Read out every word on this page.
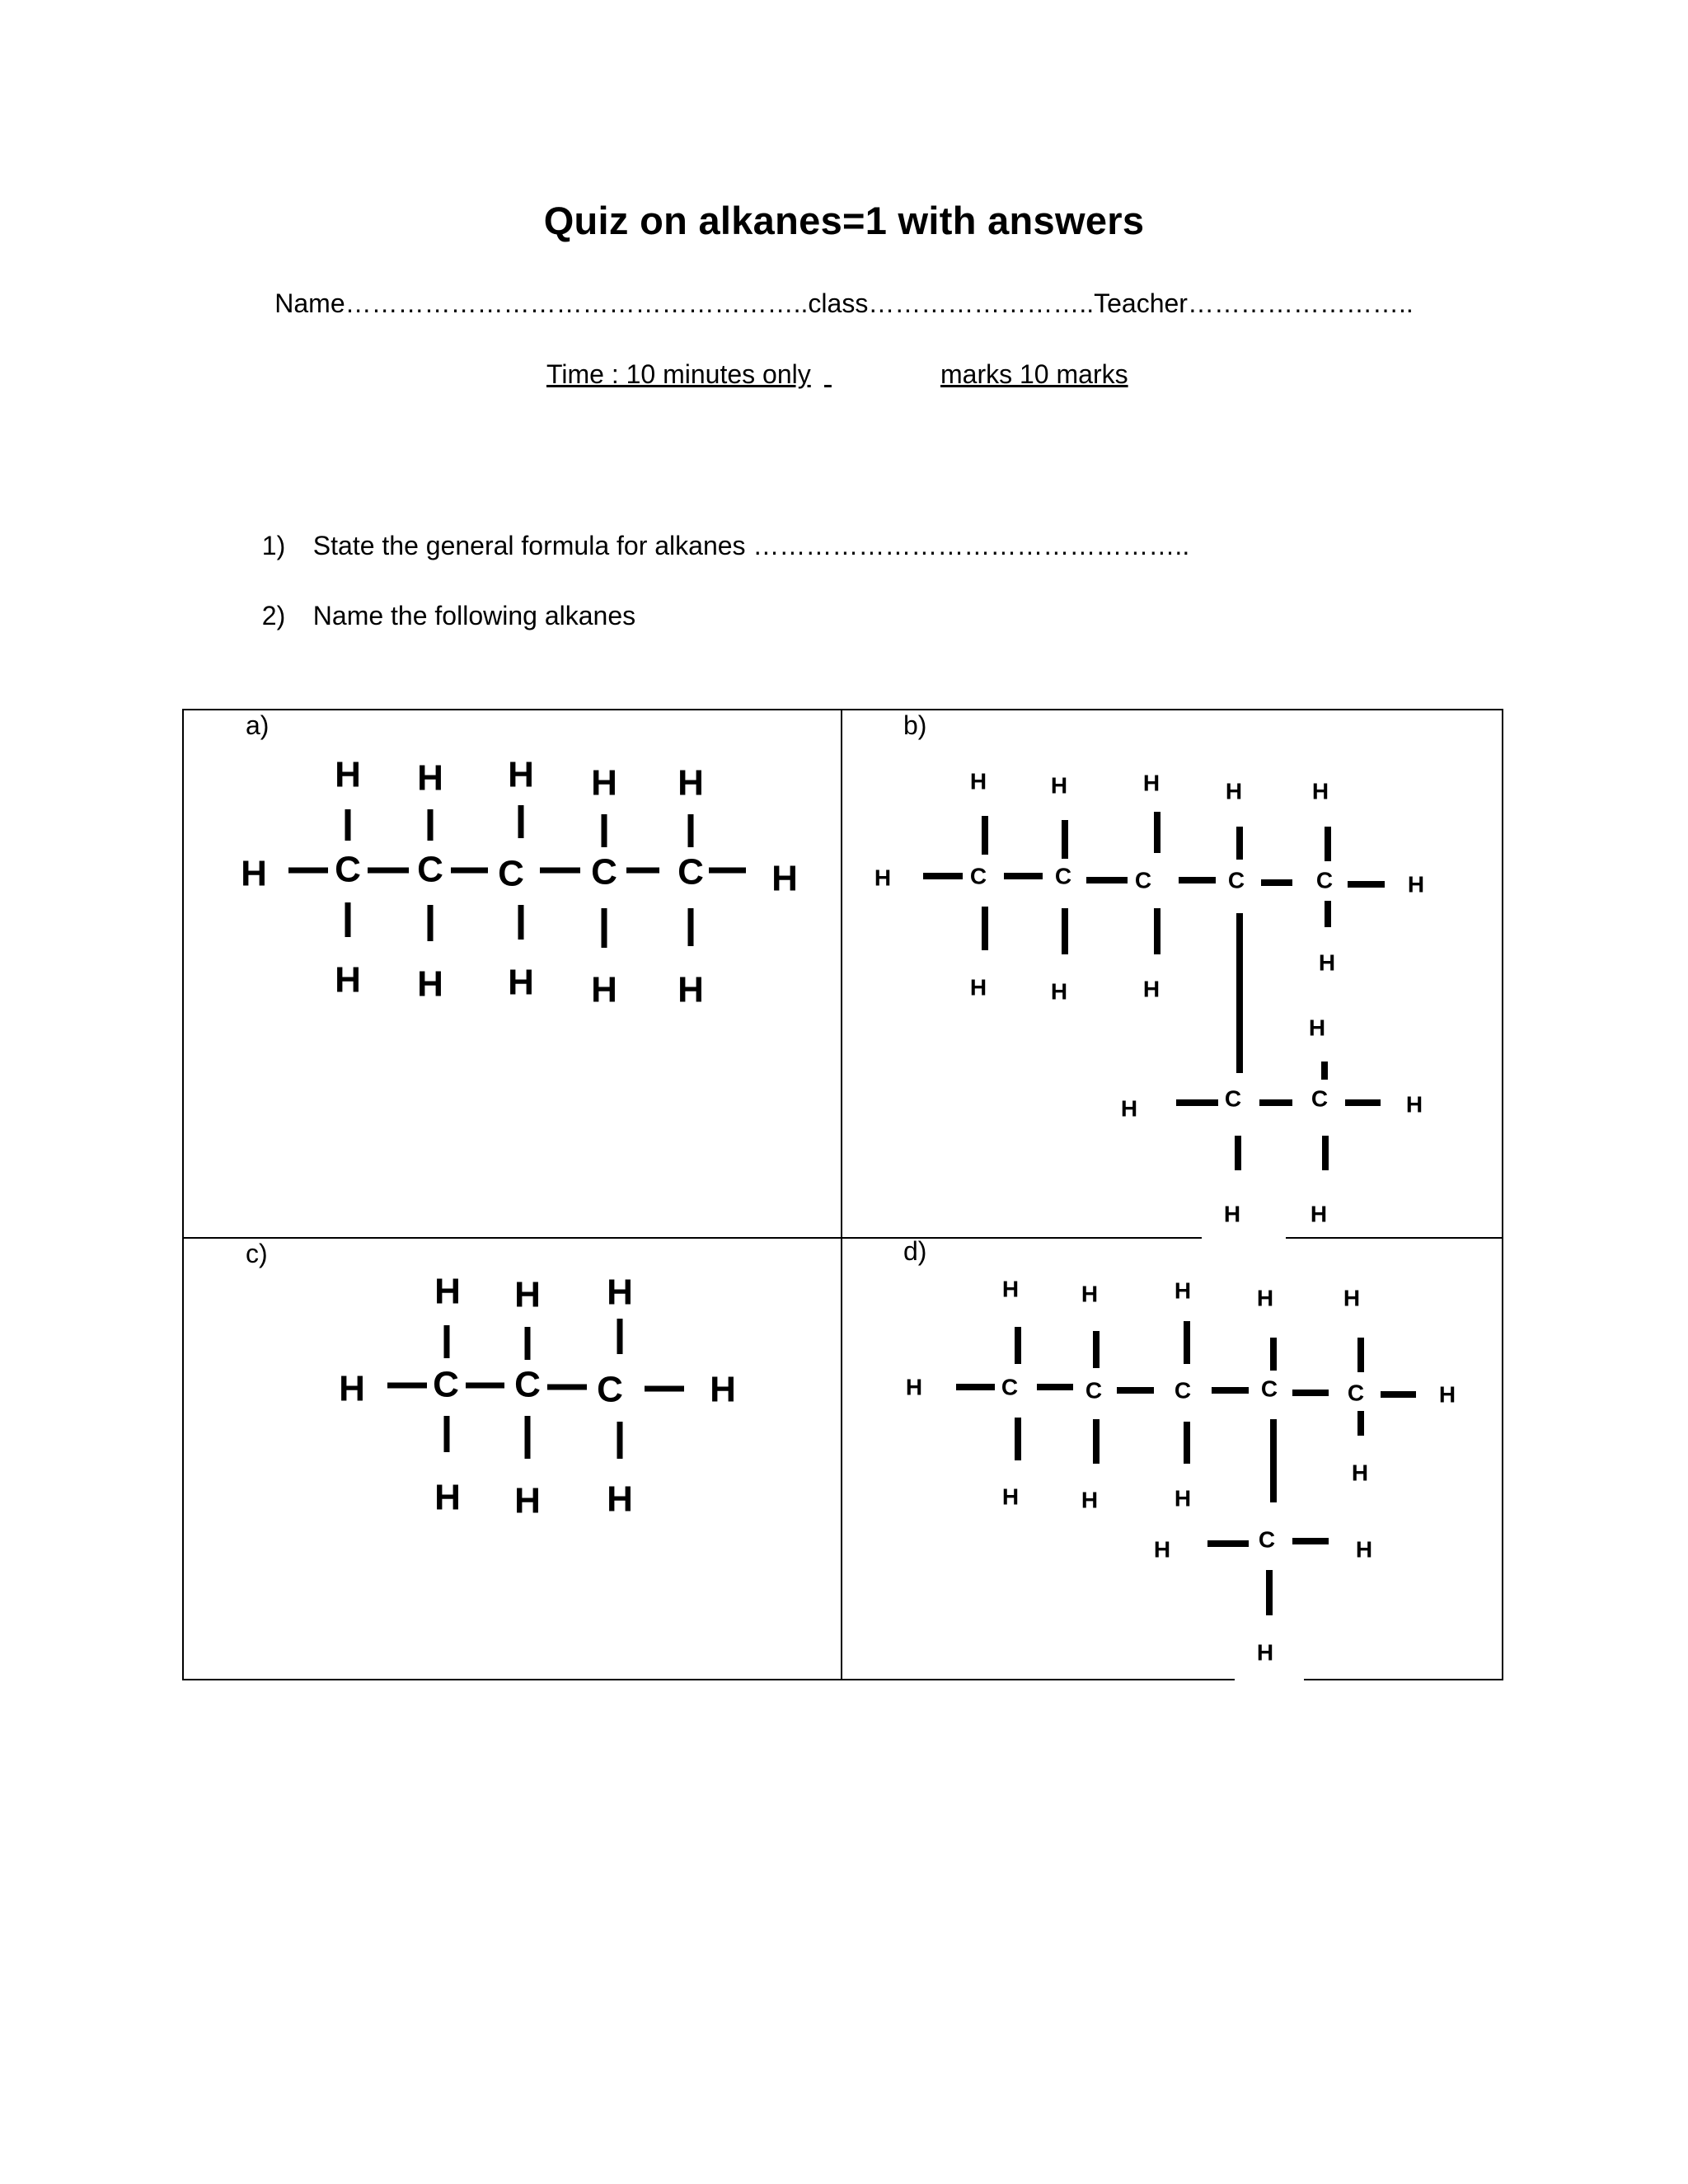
Quiz on alkanes=1 with answers
Name……………………………………………..class……………………..Teacher……………………..
Time : 10 minutes only
	marks 10 marks

1) State the general formula for alkanes …………………………………………..

2) Name the following alkanes

a)	b)
c)	d)
H C C C C C H
H H H H H
H H H H H
H	C	C	C	C	C	H
H	H	H	H	H
H	H	H
H
H
H	C	C	H
H	H
H C C C H
H H H
H H H
H	C	C	C	C	C	H
H	H	H	H	H
H	H	H
H
H	C	H
H
